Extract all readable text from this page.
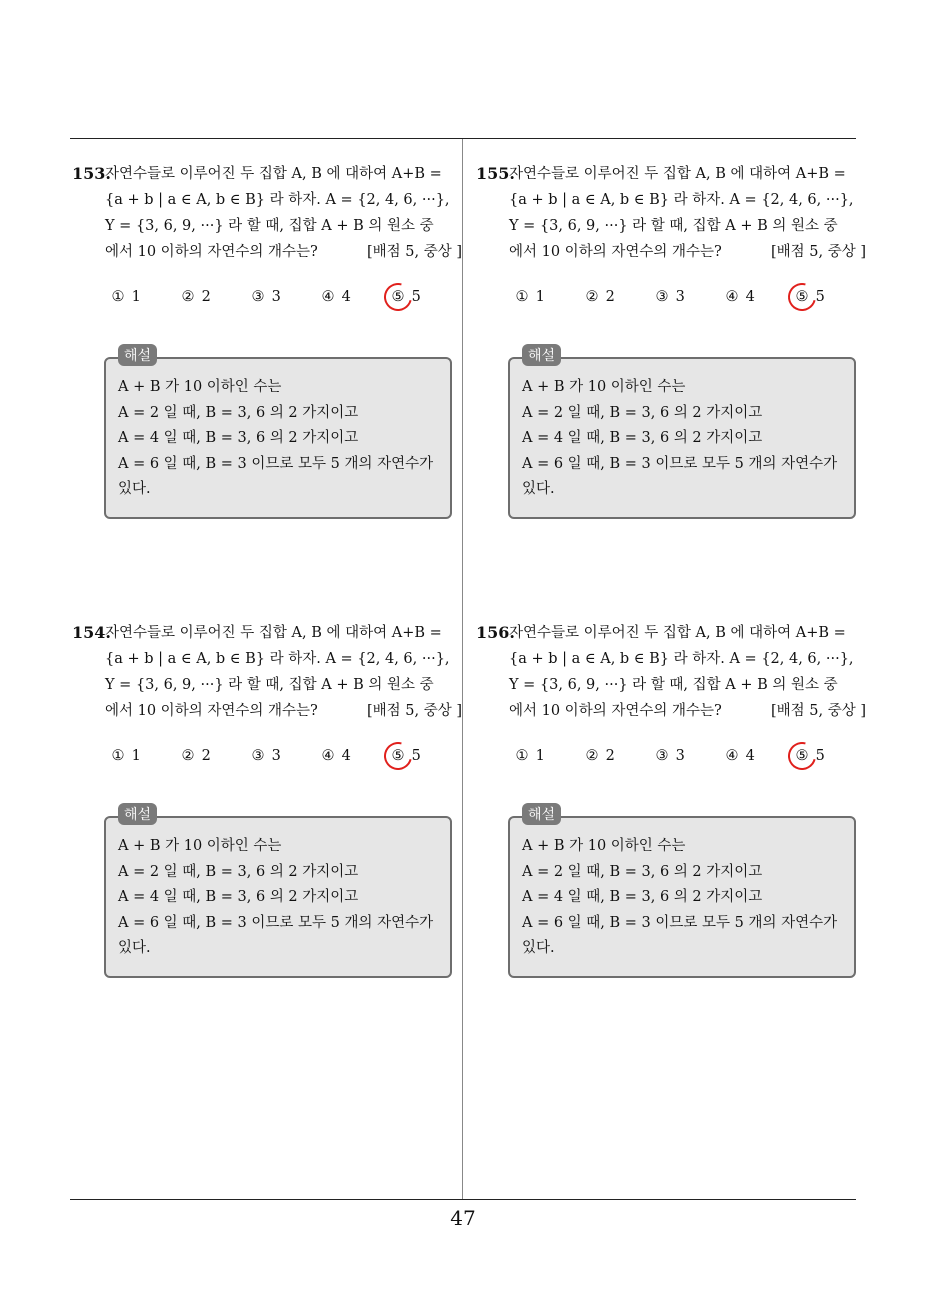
47
153.
자연수들로 이루어진 두 집합 A, B 에 대하여 A+B =
{a + b | a ∈ A, b ∈ B} 라 하자. A = {2, 4, 6, ···},
Y = {3, 6, 9, ···} 라 할 때, 집합 A + B 의 원소 중
에서 10 이하의 자연수의 개수는?	[배점 5, 중상 ]
① 1	② 2	③ 3	④ 4	⑤ 5
해설
A + B 가 10 이하인 수는
A = 2 일 때, B = 3, 6 의 2 가지이고
A = 4 일 때, B = 3, 6 의 2 가지이고
A = 6 일 때, B = 3 이므로 모두 5 개의 자연수가
있다.
155.
자연수들로 이루어진 두 집합 A, B 에 대하여 A+B =
{a + b | a ∈ A, b ∈ B} 라 하자. A = {2, 4, 6, ···},
Y = {3, 6, 9, ···} 라 할 때, 집합 A + B 의 원소 중
에서 10 이하의 자연수의 개수는?	[배점 5, 중상 ]
① 1	② 2	③ 3	④ 4	⑤ 5
해설
A + B 가 10 이하인 수는
A = 2 일 때, B = 3, 6 의 2 가지이고
A = 4 일 때, B = 3, 6 의 2 가지이고
A = 6 일 때, B = 3 이므로 모두 5 개의 자연수가
있다.
154.
자연수들로 이루어진 두 집합 A, B 에 대하여 A+B =
{a + b | a ∈ A, b ∈ B} 라 하자. A = {2, 4, 6, ···},
Y = {3, 6, 9, ···} 라 할 때, 집합 A + B 의 원소 중
에서 10 이하의 자연수의 개수는?	[배점 5, 중상 ]
① 1	② 2	③ 3	④ 4	⑤ 5
해설
A + B 가 10 이하인 수는
A = 2 일 때, B = 3, 6 의 2 가지이고
A = 4 일 때, B = 3, 6 의 2 가지이고
A = 6 일 때, B = 3 이므로 모두 5 개의 자연수가
있다.
156.
자연수들로 이루어진 두 집합 A, B 에 대하여 A+B =
{a + b | a ∈ A, b ∈ B} 라 하자. A = {2, 4, 6, ···},
Y = {3, 6, 9, ···} 라 할 때, 집합 A + B 의 원소 중
에서 10 이하의 자연수의 개수는?	[배점 5, 중상 ]
① 1	② 2	③ 3	④ 4	⑤ 5
해설
A + B 가 10 이하인 수는
A = 2 일 때, B = 3, 6 의 2 가지이고
A = 4 일 때, B = 3, 6 의 2 가지이고
A = 6 일 때, B = 3 이므로 모두 5 개의 자연수가
있다.
